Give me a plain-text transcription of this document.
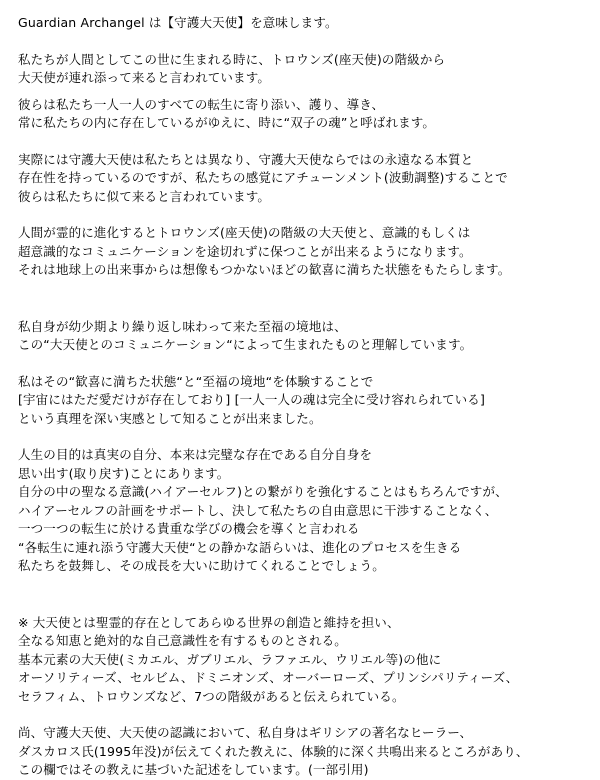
Guardian Archangel は【守護大天使】を意味します。
私たちが人間としてこの世に生まれる時に、トロウンズ(座天使)の階級から
大天使が連れ添って来ると言われています。
彼らは私たち一人一人のすべての転生に寄り添い、護り、導き、
常に私たちの内に存在しているがゆえに、時に“双子の魂”と呼ばれます。
実際には守護大天使は私たちとは異なり、守護大天使ならではの永遠なる本質と
存在性を持っているのですが、私たちの感覚にアチューンメント(波動調整)することで
彼らは私たちに似て来ると言われています。
人間が霊的に進化するとトロウンズ(座天使)の階級の大天使と、意識的もしくは
超意識的なコミュニケーションを途切れずに保つことが出来るようになります。
それは地球上の出来事からは想像もつかないほどの歓喜に満ちた状態をもたらします。
私自身が幼少期より繰り返し味わって来た至福の境地は、
この“大天使とのコミュニケーション“によって生まれたものと理解しています。
私はその“歓喜に満ちた状態“と“至福の境地“を体験することで
[宇宙にはただ愛だけが存在しており] [一人一人の魂は完全に受け容れられている]
という真理を深い実感として知ることが出来ました。
人生の目的は真実の自分、本来は完璧な存在である自分自身を
思い出す(取り戻す)ことにあります。
自分の中の聖なる意識(ハイアーセルフ)との繋がりを強化することはもちろんですが、
ハイアーセルフの計画をサポートし、決して私たちの自由意思に干渉することなく、
一つ一つの転生に於ける貴重な学びの機会を導くと言われる
“各転生に連れ添う守護大天使“との静かな語らいは、進化のプロセスを生きる
私たちを鼓舞し、その成長を大いに助けてくれることでしょう。
※ 大天使とは聖霊的存在としてあらゆる世界の創造と維持を担い、
全なる知恵と絶対的な自己意識性を有するものとされる。
基本元素の大天使(ミカエル、ガブリエル、ラファエル、ウリエル等)の他に
オーソリティーズ、セルビム、ドミニオンズ、オーバーローズ、プリンシパリティーズ、
セラフィム、トロウンズなど、7つの階級があると伝えられている。
尚、守護大天使、大天使の認識において、私自身はギリシアの著名なヒーラー、
ダスカロス氏(1995年没)が伝えてくれた教えに、体験的に深く共鳴出来るところがあり、
この欄ではその教えに基づいた記述をしています。(一部引用)
